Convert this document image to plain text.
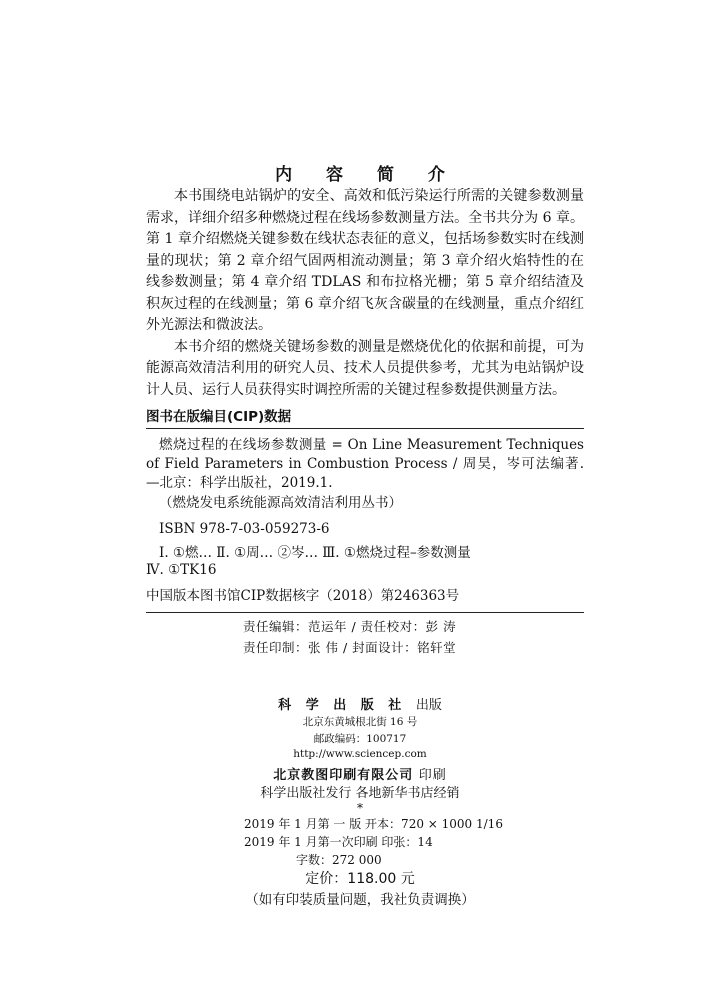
内 容 简 介

本书围绕电站锅炉的安全、高效和低污染运行所需的关键参数测量需求，详细介绍多种燃烧过程在线场参数测量方法。全书共分为 6 章。第 1 章介绍燃烧关键参数在线状态表征的意义，包括场参数实时在线测量的现状；第 2 章介绍气固两相流动测量；第 3 章介绍火焰特性的在线参数测量；第 4 章介绍 TDLAS 和布拉格光栅；第 5 章介绍结渣及积灰过程的在线测量；第 6 章介绍飞灰含碳量的在线测量，重点介绍红外光源法和微波法。

本书介绍的燃烧关键场参数的测量是燃烧优化的依据和前提，可为能源高效清洁利用的研究人员、技术人员提供参考，尤其为电站锅炉设计人员、运行人员获得实时调控所需的关键过程参数提供测量方法。

图书在版编目(CIP)数据
燃烧过程的在线场参数测量 = On Line Measurement Techniques of Field Parameters in Combustion Process / 周昊，岑可法编著. —北京：科学出版社，2019.1.
（燃烧发电系统能源高效清洁利用丛书）
ISBN 978-7-03-059273-6
Ⅰ. ①燃… Ⅱ. ①周… ②岑… Ⅲ. ①燃烧过程–参数测量
Ⅳ. ①TK16
中国版本图书馆CIP数据核字（2018）第246363号
责任编辑：范运年 / 责任校对：彭 涛
责任印制：张 伟 / 封面设计：铭轩堂
科 学 出 版 社 出版
北京东黄城根北街 16 号
邮政编码：100717
http://www.sciencep.com
北京教图印刷有限公司 印刷
科学出版社发行 各地新华书店经销
*
2019 年 1 月第 一 版 开本：720 × 1000 1/16
2019 年 1 月第一次印刷 印张：14
字数：272 000
定价：118.00 元
（如有印装质量问题，我社负责调换）
